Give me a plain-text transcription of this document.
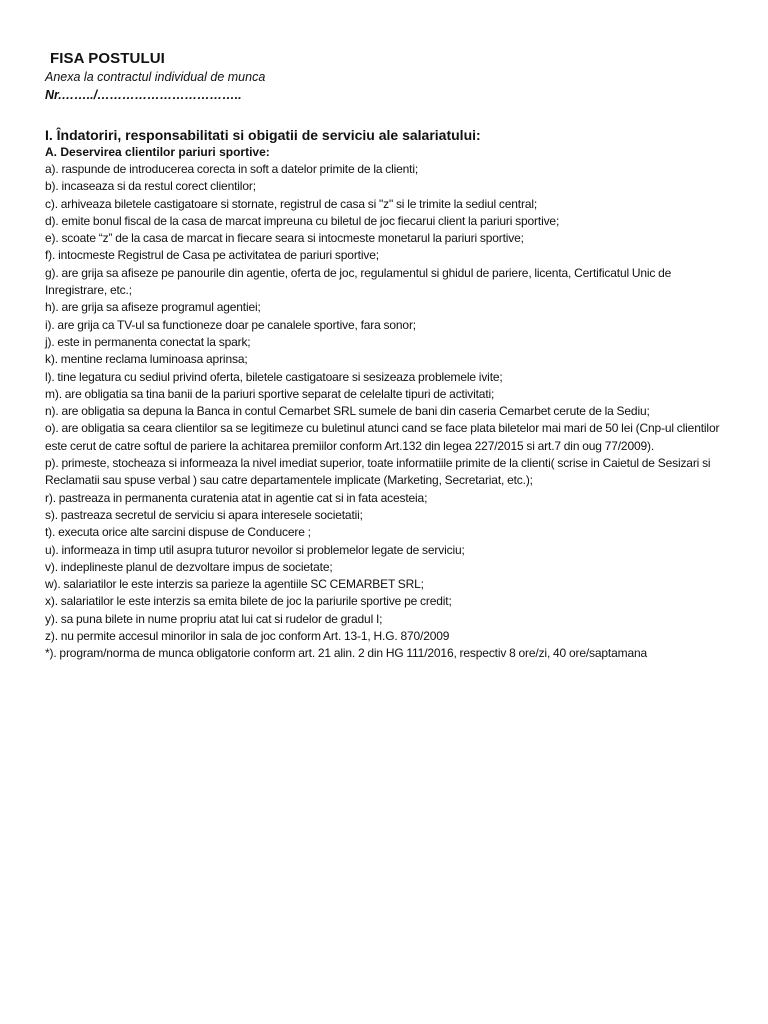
FISA POSTULUI
Anexa la contractul individual de munca
Nr.……../……………………………..
I. Îndatoriri, responsabilitati si obigatii de serviciu ale salariatului:
A. Deservirea clientilor pariuri sportive:
a). raspunde de introducerea corecta in soft a datelor primite de la clienti;
b). incaseaza si da restul corect clientilor;
c). arhiveaza biletele castigatoare si stornate, registrul de casa si "z" si le trimite la sediul central;
d). emite bonul fiscal de la casa de marcat impreuna cu biletul de joc fiecarui client la pariuri sportive;
e). scoate “z” de la casa de marcat in fiecare seara si intocmeste monetarul la pariuri sportive;
f). intocmeste Registrul de Casa pe activitatea de pariuri sportive;
g). are grija sa afiseze pe panourile din agentie, oferta de joc, regulamentul si ghidul de pariere, licenta, Certificatul Unic de Inregistrare, etc.;
h). are grija sa afiseze programul agentiei;
i). are grija ca TV-ul sa functioneze doar pe canalele sportive, fara sonor;
j). este in permanenta conectat la spark;
k). mentine reclama luminoasa aprinsa;
l). tine legatura cu sediul privind oferta, biletele castigatoare si sesizeaza problemele ivite;
m). are obligatia sa tina banii de la pariuri sportive separat de celelalte tipuri de activitati;
n). are obligatia sa depuna la Banca in contul Cemarbet SRL sumele de bani din caseria Cemarbet cerute de la Sediu;
o). are obligatia sa ceara clientilor sa se legitimeze cu buletinul atunci cand se face plata biletelor mai mari de 50 lei (Cnp-ul clientilor este cerut de catre softul de pariere la achitarea premiilor conform Art.132 din legea 227/2015 si art.7 din oug 77/2009).
p). primeste, stocheaza si informeaza la nivel imediat superior, toate informatiile primite de la clienti( scrise in Caietul de Sesizari si Reclamatii sau spuse verbal ) sau catre departamentele implicate (Marketing, Secretariat, etc.);
r). pastreaza in permanenta curatenia atat in agentie cat si in fata acesteia;
s). pastreaza secretul de serviciu si apara interesele societatii;
t). executa orice alte sarcini dispuse de Conducere ;
u). informeaza in timp util asupra tuturor nevoilor si problemelor legate de serviciu;
v). indeplineste planul de dezvoltare impus de societate;
w). salariatilor le este interzis sa parieze la agentiile SC CEMARBET SRL;
x). salariatilor le este interzis sa emita bilete de joc la pariurile sportive pe credit;
y). sa puna bilete in nume propriu atat lui cat si rudelor de gradul I;
z). nu permite accesul minorilor in sala de joc conform Art. 13-1, H.G. 870/2009
*). program/norma de munca obligatorie conform art. 21 alin. 2 din HG 111/2016, respectiv 8 ore/zi, 40 ore/saptamana
